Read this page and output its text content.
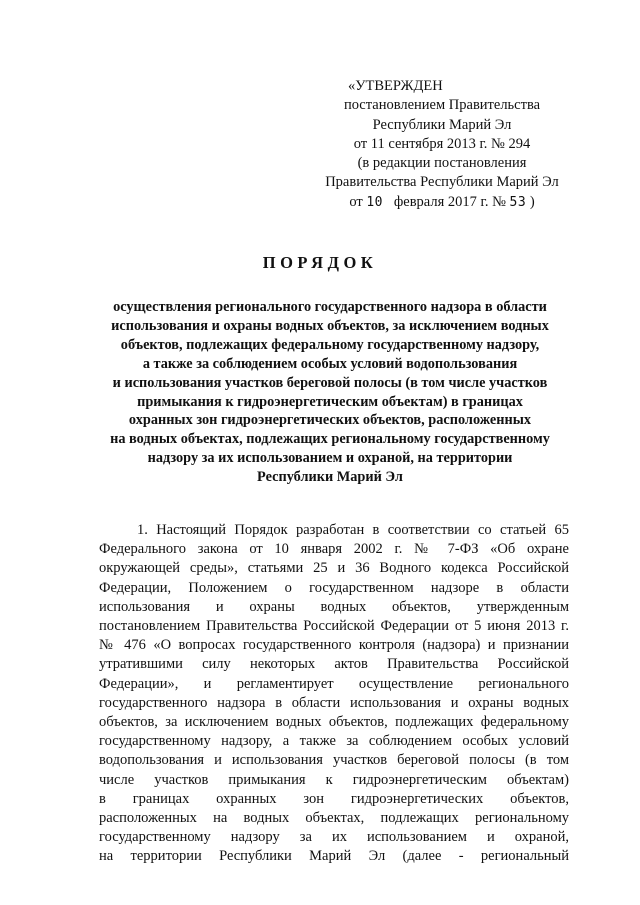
«УТВЕРЖДЕН
постановлением Правительства
Республики Марий Эл
от 11 сентября 2013 г. № 294
(в редакции постановления
Правительства Республики Марий Эл
от 10 февраля 2017 г. № 53 )
ПОРЯДОК
осуществления регионального государственного надзора в области
использования и охраны водных объектов, за исключением водных
объектов, подлежащих федеральному государственному надзору,
а также за соблюдением особых условий водопользования
и использования участков береговой полосы (в том числе участков
примыкания к гидроэнергетическим объектам) в границах
охранных зон гидроэнергетических объектов, расположенных
на водных объектах, подлежащих региональному государственному
надзору за их использованием и охраной, на территории
Республики Марий Эл
1. Настоящий Порядок разработан в соответствии со статьей 65
Федерального закона от 10 января 2002 г. № 7-ФЗ «Об охране
окружающей среды», статьями 25 и 36 Водного кодекса Российской
Федерации, Положением о государственном надзоре в области
использования и охраны водных объектов, утвержденным
постановлением Правительства Российской Федерации от 5 июня 2013 г.
№ 476 «О вопросах государственного контроля (надзора) и признании
утратившими силу некоторых актов Правительства Российской
Федерации», и регламентирует осуществление регионального
государственного надзора в области использования и охраны водных
объектов, за исключением водных объектов, подлежащих федеральному
государственному надзору, а также за соблюдением особых условий
водопользования и использования участков береговой полосы (в том
числе участков примыкания к гидроэнергетическим объектам)
в границах охранных зон гидроэнергетических объектов,
расположенных на водных объектах, подлежащих региональному
государственному надзору за их использованием и охраной,
на территории Республики Марий Эл (далее - региональный
